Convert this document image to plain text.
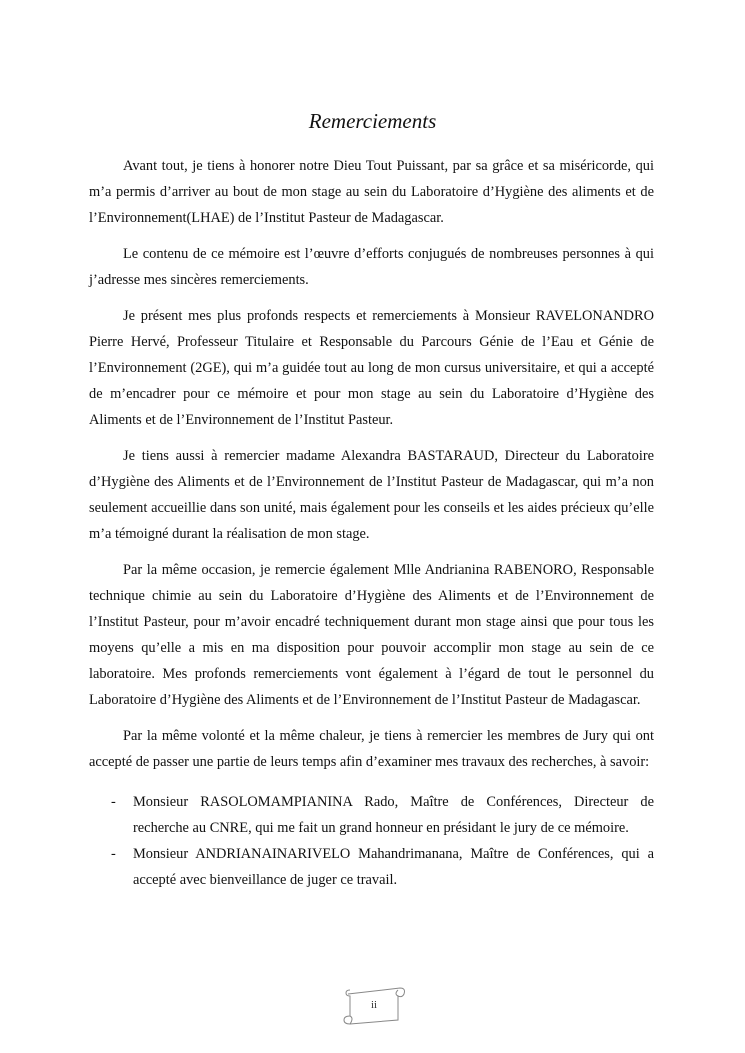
Remerciements

Avant tout, je tiens à honorer notre Dieu Tout Puissant, par sa grâce et sa miséricorde, qui m’a permis d’arriver au bout de mon stage au sein du Laboratoire d’Hygiène des aliments et de l’Environnement(LHAE) de l’Institut Pasteur de Madagascar.

Le contenu de ce mémoire est l’œuvre d’efforts conjugués de nombreuses personnes à qui j’adresse mes sincères remerciements.

Je présent mes plus profonds respects et remerciements à Monsieur RAVELONANDRO Pierre Hervé, Professeur Titulaire et Responsable du Parcours Génie de l’Eau et Génie de l’Environnement (2GE), qui m’a guidée tout au long de mon cursus universitaire, et qui a accepté de m’encadrer pour ce mémoire et pour mon stage au sein du Laboratoire d’Hygiène des Aliments et de l’Environnement de l’Institut Pasteur.

Je tiens aussi à remercier madame Alexandra BASTARAUD, Directeur du Laboratoire d’Hygiène des Aliments et de l’Environnement de l’Institut Pasteur de Madagascar, qui m’a non seulement accueillie dans son unité, mais également pour les conseils et les aides précieux qu’elle m’a témoigné durant la réalisation de mon stage.

Par la même occasion, je remercie également Mlle Andrianina RABENORO, Responsable technique chimie au sein du Laboratoire d’Hygiène des Aliments et de l’Environnement de l’Institut Pasteur, pour m’avoir encadré techniquement durant mon stage ainsi que pour tous les moyens qu’elle a mis en ma disposition pour pouvoir accomplir mon stage au sein de ce laboratoire. Mes profonds remerciements vont également à l’égard de tout le personnel du Laboratoire d’Hygiène des Aliments et de l’Environnement de l’Institut Pasteur de Madagascar.

Par la même volonté et la même chaleur, je tiens à remercier les membres de Jury qui ont accepté de passer une partie de leurs temps afin d’examiner mes travaux des recherches, à savoir:

- Monsieur RASOLOMAMPIANINA Rado, Maître de Conférences, Directeur de recherche au CNRE, qui me fait un grand honneur en présidant le jury de ce mémoire.
- Monsieur ANDRIANAINARIVELO Mahandrimanana, Maître de Conférences, qui a accepté avec bienveillance de juger ce travail.
ii
